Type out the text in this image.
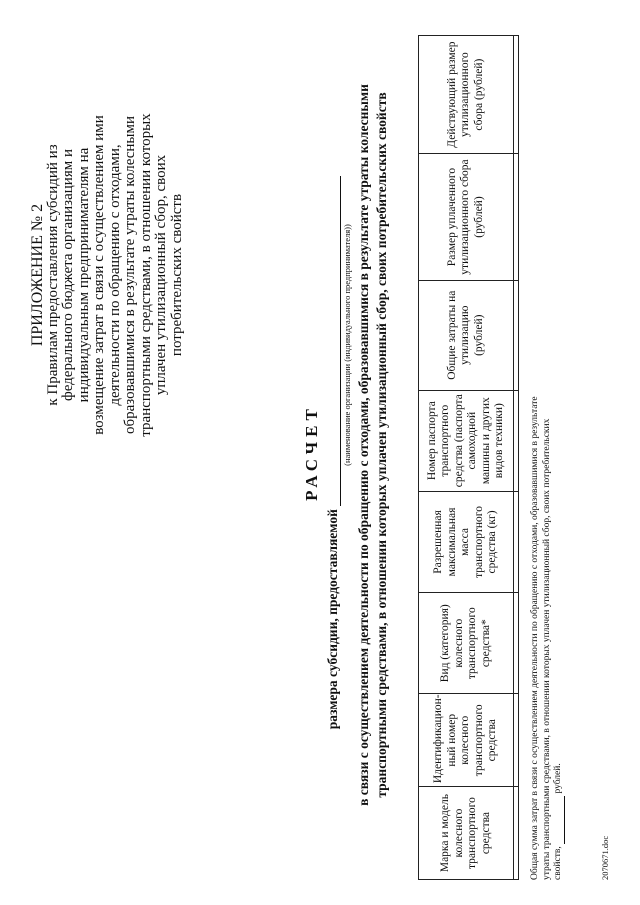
ПРИЛОЖЕНИЕ № 2
к Правилам предоставления субсидий из федерального бюджета организациям и индивидуальным предпринимателям на возмещение затрат в связи с осуществлением ими деятельности по обращению с отходами, образовавшимися в результате утраты колесными транспортными средствами, в отношении которых уплачен утилизационный сбор, своих потребительских свойств
РАСЧЕТ
размера субсидии, предоставляемой
(наименование организации (индивидуального предпринимателя)) в связи с осуществлением деятельности по обращению с отходами, образовавшимися в результате утраты колесными транспортными средствами, в отношении которых уплачен утилизационный сбор, своих потребительских свойств
Марка и модель колесного транспортного средства	Идентификацион-ный номер колесного транспортного средства	Вид (категория) колесного транспортного средства*	Разрешенная максимальная масса транспортного средства (кг)	Номер паспорта транспортного средства (паспорта самоходной машины и других видов техники)	Общие затраты на утилизацию (рублей)	Размер уплаченного утилизационного сбора (рублей)	Действующий размер утилизационного сбора (рублей)

Общая сумма затрат в связи с осуществлением деятельности по обращению с отходами, образовавшимися в результате утраты транспортными средствами, в отношении которых уплачен утилизационный сбор, своих потребительских свойств,  рублей.
2070671.doc
